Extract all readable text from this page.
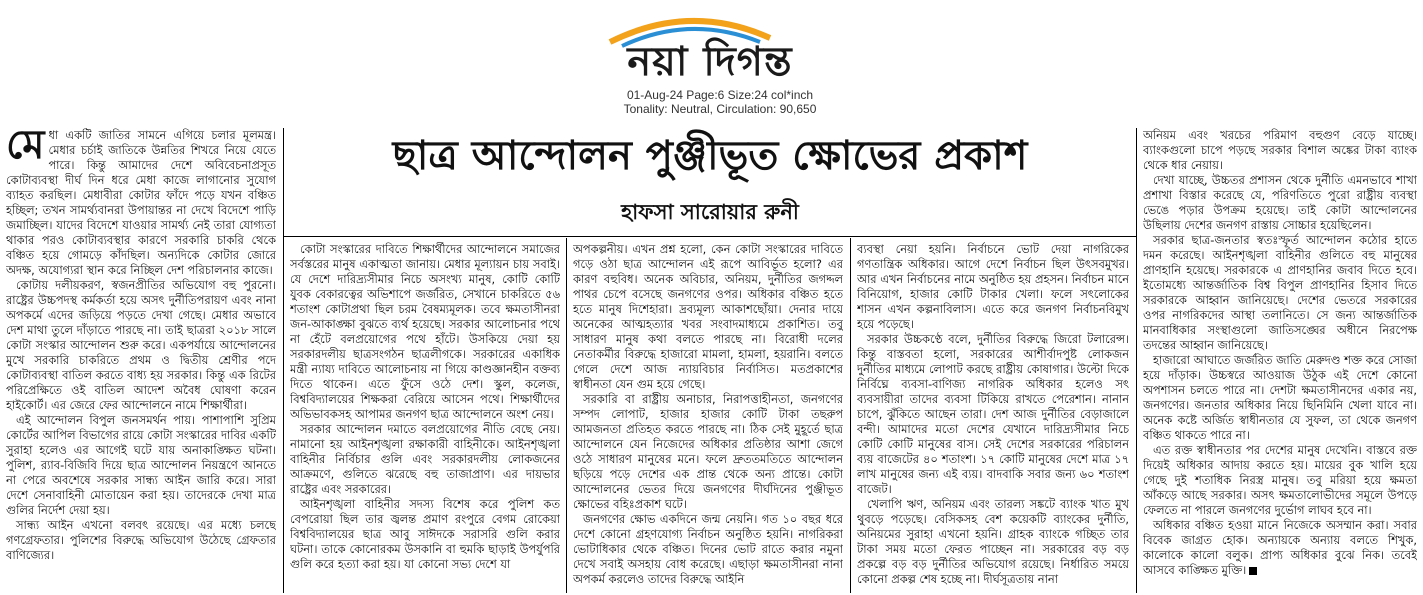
নয়া দিগন্ত
01-Aug-24 Page:6 Size:24 col*inch
Tonality: Neutral, Circulation: 90,650
ছাত্র আন্দোলন পুঞ্জীভূত ক্ষোভের প্রকাশ
হাফসা সারোয়ার রুনী

মেধা একটি জাতির সামনে এগিয়ে চলার মূলমন্ত্র। মেধার চর্চাই জাতিকে উন্নতির শিখরে নিয়ে যেতে পারে। কিন্তু আমাদের দেশে অবিবেচনাপ্রসূত কোটাব্যবস্থা দীর্ঘ দিন ধরে মেধা কাজে লাগানোর সুযোগ ব্যাহত করছিল। মেধাবীরা কোটার ফাঁদে পড়ে যখন বঞ্চিত হচ্ছিল; তখন সামর্থ্যবানরা উপায়ান্তর না দেখে বিদেশে পাড়ি জমাচ্ছিল। যাদের বিদেশে যাওয়ার সামর্থ্য নেই তারা যোগ্যতা থাকার পরও কোটাব্যবস্থার কারণে সরকারি চাকরি থেকে বঞ্চিত হয়ে গোমড়ে কাঁদছিল। অন্যদিকে কোটার জোরে অদক্ষ, অযোগ্যরা স্থান করে নিচ্ছিল দেশ পরিচালনার কাজে।

কোটায় দলীয়করণ, স্বজনপ্রীতির অভিযোগ বহু পুরনো। রাষ্ট্রের উচ্চপদস্থ কর্মকর্তা হয়ে অসৎ দুর্নীতিপরায়ণ এবং নানা অপকর্মে এদের জড়িয়ে পড়তে দেখা গেছে। মেধার অভাবে দেশ মাথা তুলে দাঁড়াতে পারছে না। তাই ছাত্ররা ২০১৮ সালে কোটা সংস্কার আন্দোলন শুরু করে। একপর্যায়ে আন্দোলনের মুখে সরকারি চাকরিতে প্রথম ও দ্বিতীয় শ্রেণীর পদে কোটাব্যবস্থা বাতিল করতে বাধ্য হয় সরকার। কিন্তু এক রিটের পরিপ্রেক্ষিতে ওই বাতিল আদেশ অবৈধ ঘোষণা করেন হাইকোর্ট। এর জেরে ফের আন্দোলনে নামে শিক্ষার্থীরা।

এই আন্দোলন বিপুল জনসমর্থন পায়। পাশাপাশি সুপ্রিম কোর্টের আপিল বিভাগের রায়ে কোটা সংস্কারের দাবির একটি সুরাহা হলেও এর আগেই ঘটে যায় অনাকাঙ্ক্ষিত ঘটনা। পুলিশ, র‍্যাব-বিজিবি দিয়ে ছাত্র আন্দোলন নিয়ন্ত্রণে আনতে না পেরে অবশেষে সরকার সান্ধ্য আইন জারি করে। সারা দেশে সেনাবাহিনী মোতায়েন করা হয়। তাদেরকে দেখা মাত্র গুলির নির্দেশ দেয়া হয়।

সান্ধ্য আইন এখনো বলবৎ রয়েছে। এর মধ্যে চলছে গণগ্রেফতার। পুলিশের বিরুদ্ধে অভিযোগ উঠেছে গ্রেফতার বাণিজ্যের।

কোটা সংস্কারের দাবিতে শিক্ষার্থীদের আন্দোলনে সমাজের সর্বস্তরের মানুষ একাত্মতা জানায়। মেধার মূল্যায়ন চায় সবাই। যে দেশে দারিদ্র্যসীমার নিচে অসংখ্য মানুষ, কোটি কোটি যুবক বেকারত্বের অভিশাপে জর্জরিত, সেখানে চাকরিতে ৫৬ শতাংশ কোটাপ্রথা ছিল চরম বৈষম্যমূলক। তবে ক্ষমতাসীনরা জন-আকাঙ্ক্ষা বুঝতে ব্যর্থ হয়েছে। সরকার আলোচনার পথে না হেঁটে বলপ্রয়োগের পথে হাঁটে। উসকিয়ে দেয়া হয় সরকারদলীয় ছাত্রসংগঠন ছাত্রলীগকে। সরকারের একাধিক মন্ত্রী ন্যায্য দাবিতে আলোচনায় না গিয়ে কাণ্ডজ্ঞানহীন বক্তব্য দিতে থাকেন। এতে ফুঁসে ওঠে দেশ। স্কুল, কলেজ, বিশ্ববিদ্যালয়ের শিক্ষকরা বেরিয়ে আসেন পথে। শিক্ষার্থীদের অভিভাবকসহ আপামর জনগণ ছাত্র আন্দোলনে অংশ নেয়।

সরকার আন্দোলন দমাতে বলপ্রয়োগের নীতি বেছে নেয়। নামানো হয় আইনশৃঙ্খলা রক্ষাকারী বাহিনীকে। আইনশৃঙ্খলা বাহিনীর নির্বিচার গুলি এবং সরকারদলীয় লোকজনের আক্রমণে, গুলিতে ঝরেছে বহু তাজাপ্রাণ। এর দায়ভার রাষ্ট্রের এবং সরকারের।

আইনশৃঙ্খলা বাহিনীর সদস্য বিশেষ করে পুলিশ কত বেপরোয়া ছিল তার জ্বলন্ত প্রমাণ রংপুরে বেগম রোকেয়া বিশ্ববিদ্যালয়ের ছাত্র আবু সাঈদকে সরাসরি গুলি করার ঘটনা। তাকে কোনোরকম উসকানি বা হুমকি ছাড়াই উপর্যুপরি গুলি করে হত্যা করা হয়। যা কোনো সভ্য দেশে যা

অপকল্পনীয়। এখন প্রশ্ন হলো, কেন কোটা সংস্কারের দাবিতে গড়ে ওঠা ছাত্র আন্দোলন এই রূপে আবির্ভূত হলো? এর কারণ বহুবিধ। অনেক অবিচার, অনিয়ম, দুর্নীতির জগদ্দল পাথর চেপে বসেছে জনগণের ওপর। অধিকার বঞ্চিত হতে হতে মানুষ দিশেহারা। দ্রব্যমূল্য আকাশছোঁয়া। দেনার দায়ে অনেকের আত্মহত্যার খবর সংবাদমাধ্যমে প্রকাশিত। তবু সাধারণ মানুষ কথা বলতে পারছে না। বিরোধী দলের নেতাকর্মীর বিরুদ্ধে হাজারো মামলা, হামলা, হয়রানি। বলতে গেলে দেশে আজ ন্যায়বিচার নির্বাসিত। মতপ্রকাশের স্বাধীনতা যেন গুম হয়ে গেছে।

সরকারি বা রাষ্ট্রীয় অনাচার, নিরাপত্তাহীনতা, জনগণের সম্পদ লোপাট, হাজার হাজার কোটি টাকা তছরুপ আমজনতা প্রতিহত করতে পারছে না। ঠিক সেই মুহূর্তে ছাত্র আন্দোলনে যেন নিজেদের অধিকার প্রতিষ্ঠার আশা জেগে ওঠে সাধারণ মানুষের মনে। ফলে দ্রুততমতিতে আন্দোলন ছড়িয়ে পড়ে দেশের এক প্রান্ত থেকে অন্য প্রান্তে। কোটা আন্দোলনের ভেতর দিয়ে জনগণের দীর্ঘদিনের পুঞ্জীভূত ক্ষোভের বহিঃপ্রকাশ ঘটে।

জনগণের ক্ষোভ একদিনে জন্ম নেয়নি। গত ১০ বছর ধরে দেশে কোনো গ্রহণযোগ্য নির্বাচন অনুষ্ঠিত হয়নি। নাগরিকরা ভোটাধিকার থেকে বঞ্চিত। দিনের ভোট রাতে করার নমুনা দেখে সবাই অসহায় বোধ করেছে। এছাড়া ক্ষমতাসীনরা নানা অপকর্ম করলেও তাদের বিরুদ্ধে আইনি

ব্যবস্থা নেয়া হয়নি। নির্বাচনে ভোট দেয়া নাগরিকের গণতান্ত্রিক অধিকার। আগে দেশে নির্বাচন ছিল উৎসবমুখর। আর এখন নির্বাচনের নামে অনুষ্ঠিত হয় প্রহসন। নির্বাচন মানে বিনিয়োগ, হাজার কোটি টাকার খেলা। ফলে সৎলোকের শাসন এখন কল্পনাবিলাস। এতে করে জনগণ নির্বাচনবিমুখ হয়ে পড়েছে।

সরকার উচ্চকণ্ঠে বলে, দুর্নীতির বিরুদ্ধে জিরো টলারেন্স। কিন্তু বাস্তবতা হলো, সরকারের আশীর্বাদপুষ্ট লোকজন দুর্নীতির মাধ্যমে লোপাট করছে রাষ্ট্রীয় কোষাগার। উল্টো দিকে নির্বিঘ্নে ব্যবসা-বাণিজ্য নাগরিক অধিকার হলেও সৎ ব্যবসায়ীরা তাদের ব্যবসা টিকিয়ে রাখতে পেরেশান। নানান চাপে, ঝুঁকিতে আছেন তারা। দেশ আজ দুর্নীতির বেড়াজালে বন্দী। আমাদের মতো দেশের যেখানে দারিদ্র্যসীমার নিচে কোটি কোটি মানুষের বাস। সেই দেশের সরকারের পরিচালন ব্যয় বাজেটের ৪০ শতাংশ। ১৭ কোটি মানুষের দেশে মাত্র ১৭ লাখ মানুষের জন্য এই ব্যয়। বাদবাকি সবার জন্য ৬০ শতাংশ বাজেট।

খেলাপি ঋণ, অনিয়ম এবং তারল্য সঙ্কটে ব্যাংক খাত মুখ থুবড়ে পড়েছে। বেসিকসহ বেশ কয়েকটি ব্যাংকের দুর্নীতি, অনিয়মের সুরাহা এখনো হয়নি। গ্রাহক ব্যাংকে গচ্ছিত তার টাকা সময় মতো ফেরত পাচ্ছেন না। সরকারের বড় বড় প্রকল্পে বড় বড় দুর্নীতির অভিযোগ রয়েছে। নির্ধারিত সময়ে কোনো প্রকল্প শেষ হচ্ছে না। দীর্ঘসূত্রতায় নানা

অনিয়ম এবং খরচের পরিমাণ বহুগুণ বেড়ে যাচ্ছে। ব্যাংকগুলো চাপে পড়ছে সরকার বিশাল অঙ্কের টাকা ব্যাংক থেকে ধার নেয়ায়।

দেখা যাচ্ছে, উচ্চতর প্রশাসন থেকে দুর্নীতি এমনভাবে শাখা প্রশাখা বিস্তার করেছে যে, পরিণতিতে পুরো রাষ্ট্রীয় ব্যবস্থা ভেঙে পড়ার উপক্রম হয়েছে। তাই কোটা আন্দোলনের উছিলায় দেশের জনগণ রাস্তায় সোচ্চার হয়েছিলেন।

সরকার ছাত্র-জনতার স্বতঃস্ফূর্ত আন্দোলন কঠোর হাতে দমন করেছে। আইনশৃঙ্খলা বাহিনীর গুলিতে বহু মানুষের প্রাণহানি হয়েছে। সরকারকে এ প্রাণহানির জবাব দিতে হবে। ইতোমধ্যে আন্তর্জাতিক বিশ্ব বিপুল প্রাণহানির হিসাব দিতে সরকারকে আহ্বান জানিয়েছে। দেশের ভেতরে সরকারের ওপর নাগরিকদের আস্থা তলানিতে। সে জন্য আন্তর্জাতিক মানবাধিকার সংস্থাগুলো জাতিসঙ্ঘের অধীনে নিরপেক্ষ তদন্তের আহ্বান জানিয়েছে।

হাজারো আঘাতে জর্জরিত জাতি মেরুদণ্ড শক্ত করে সোজা হয়ে দাঁড়াক। উচ্চস্বরে আওয়াজ উঠুক এই দেশে কোনো অপশাসন চলতে পারে না। দেশটা ক্ষমতাসীনদের একার নয়, জনগণের। জনতার অধিকার নিয়ে ছিনিমিনি খেলা যাবে না। অনেক কষ্টে অর্জিত স্বাধীনতার যে সুফল, তা থেকে জনগণ বঞ্চিত থাকতে পারে না।

এত রক্ত স্বাধীনতার পর দেশের মানুষ দেখেনি। বাস্তবে রক্ত দিয়েই অধিকার আদায় করতে হয়। মায়ের বুক খালি হয়ে গেছে দুই শতাধিক নিরস্ত্র মানুষ। তবু মরিয়া হয়ে ক্ষমতা আঁকড়ে আছে সরকার। অসৎ ক্ষমতালোভীদের সমূলে উপড়ে ফেলতে না পারলে জনগণের দুর্ভোগ লাঘব হবে না।

অধিকার বঞ্চিত হওয়া মানে নিজেকে অসম্মান করা। সবার বিবেক জাগ্রত হোক। অন্যায়কে অন্যায় বলতে শিখুক, কালোকে কালো বলুক। প্রাপ্য অধিকার বুঝে নিক। তবেই আসবে কাঙ্ক্ষিত মুক্তি।
